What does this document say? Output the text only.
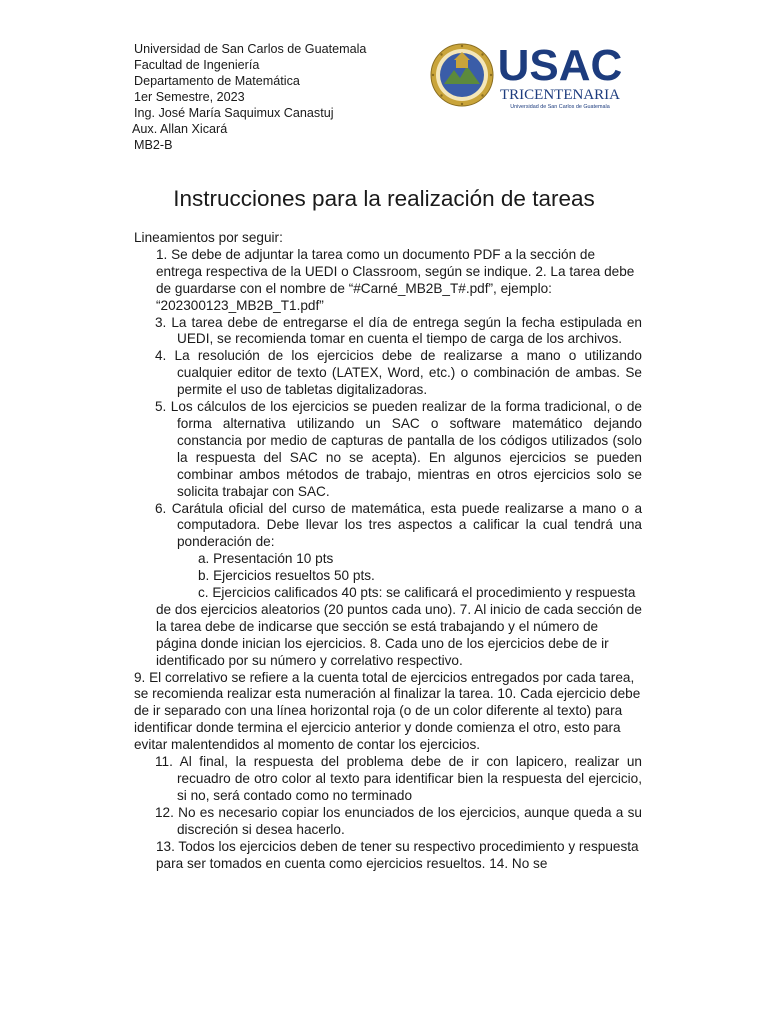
Universidad de San Carlos de Guatemala
Facultad de Ingeniería
Departamento de Matemática
1er Semestre, 2023
Ing. José María Saquimux Canastuj
Aux. Allan Xicará
MB2-B
USAC
TRICENTENARIA
Universidad de San Carlos de Guatemala
Instrucciones para la realización de tareas

Lineamientos por seguir:

1. Se debe de adjuntar la tarea como un documento PDF a la sección de entrega respectiva de la UEDI o Classroom, según se indique. 2. La tarea debe de guardarse con el nombre de “#Carné_MB2B_T#.pdf”, ejemplo: “202300123_MB2B_T1.pdf”

3. La tarea debe de entregarse el día de entrega según la fecha estipulada en UEDI, se recomienda tomar en cuenta el tiempo de carga de los archivos.

4. La resolución de los ejercicios debe de realizarse a mano o utilizando cualquier editor de texto (LATEX, Word, etc.) o combinación de ambas. Se permite el uso de tabletas digitalizadoras.

5. Los cálculos de los ejercicios se pueden realizar de la forma tradicional, o de forma alternativa utilizando un SAC o software matemático dejando constancia por medio de capturas de pantalla de los códigos utilizados (solo la respuesta del SAC no se acepta). En algunos ejercicios se pueden combinar ambos métodos de trabajo, mientras en otros ejercicios solo se solicita trabajar con SAC.

6. Carátula oficial del curso de matemática, esta puede realizarse a mano o a computadora. Debe llevar los tres aspectos a calificar la cual tendrá una ponderación de:

a. Presentación 10 pts

b. Ejercicios resueltos 50 pts.

c. Ejercicios calificados 40 pts: se calificará el procedimiento y respuesta de dos ejercicios aleatorios (20 puntos cada uno). 7. Al inicio de cada sección de la tarea debe de indicarse que sección se está trabajando y el número de página donde inician los ejercicios. 8. Cada uno de los ejercicios debe de ir identificado por su número y correlativo respectivo.

9. El correlativo se refiere a la cuenta total de ejercicios entregados por cada tarea, se recomienda realizar esta numeración al finalizar la tarea. 10. Cada ejercicio debe de ir separado con una línea horizontal roja (o de un color diferente al texto) para identificar donde termina el ejercicio anterior y donde comienza el otro, esto para evitar malentendidos al momento de contar los ejercicios.

11. Al final, la respuesta del problema debe de ir con lapicero, realizar un recuadro de otro color al texto para identificar bien la respuesta del ejercicio, si no, será contado como no terminado

12. No es necesario copiar los enunciados de los ejercicios, aunque queda a su discreción si desea hacerlo.

13. Todos los ejercicios deben de tener su respectivo procedimiento y respuesta para ser tomados en cuenta como ejercicios resueltos. 14. No se
